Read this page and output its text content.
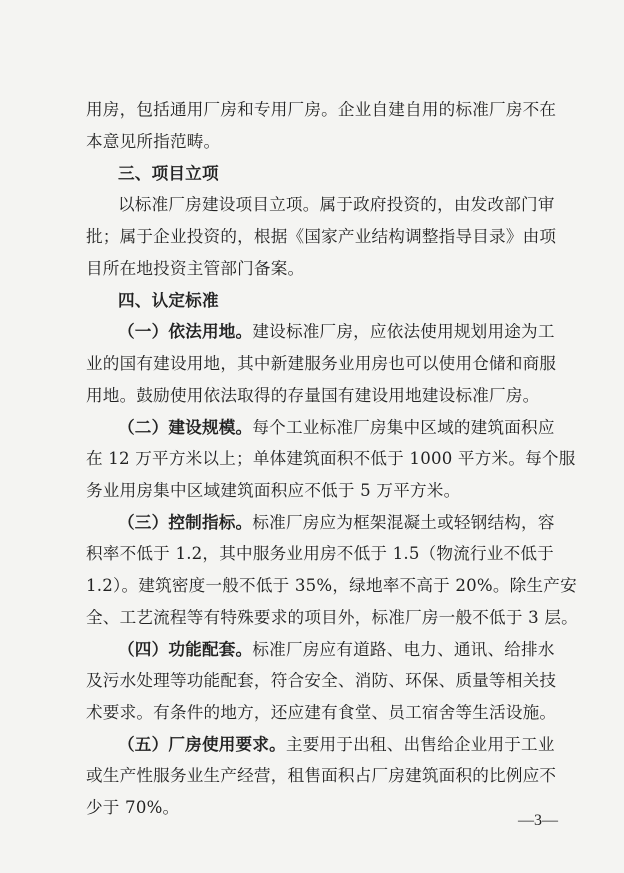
用房，包括通用厂房和专用厂房。企业自建自用的标准厂房不在
本意见所指范畴。
三、项目立项
以标准厂房建设项目立项。属于政府投资的，由发改部门审
批；属于企业投资的，根据《国家产业结构调整指导目录》由项
目所在地投资主管部门备案。
四、认定标准
（一）依法用地。建设标准厂房，应依法使用规划用途为工
业的国有建设用地，其中新建服务业用房也可以使用仓储和商服
用地。鼓励使用依法取得的存量国有建设用地建设标准厂房。
（二）建设规模。每个工业标准厂房集中区域的建筑面积应
在 12 万平方米以上；单体建筑面积不低于 1000 平方米。每个服
务业用房集中区域建筑面积应不低于 5 万平方米。
（三）控制指标。标准厂房应为框架混凝土或轻钢结构，容
积率不低于 1.2，其中服务业用房不低于 1.5（物流行业不低于
1.2）。建筑密度一般不低于 35%，绿地率不高于 20%。除生产安
全、工艺流程等有特殊要求的项目外，标准厂房一般不低于 3 层。
（四）功能配套。标准厂房应有道路、电力、通讯、给排水
及污水处理等功能配套，符合安全、消防、环保、质量等相关技
术要求。有条件的地方，还应建有食堂、员工宿舍等生活设施。
（五）厂房使用要求。主要用于出租、出售给企业用于工业
或生产性服务业生产经营，租售面积占厂房建筑面积的比例应不
少于 70%。
—3—
